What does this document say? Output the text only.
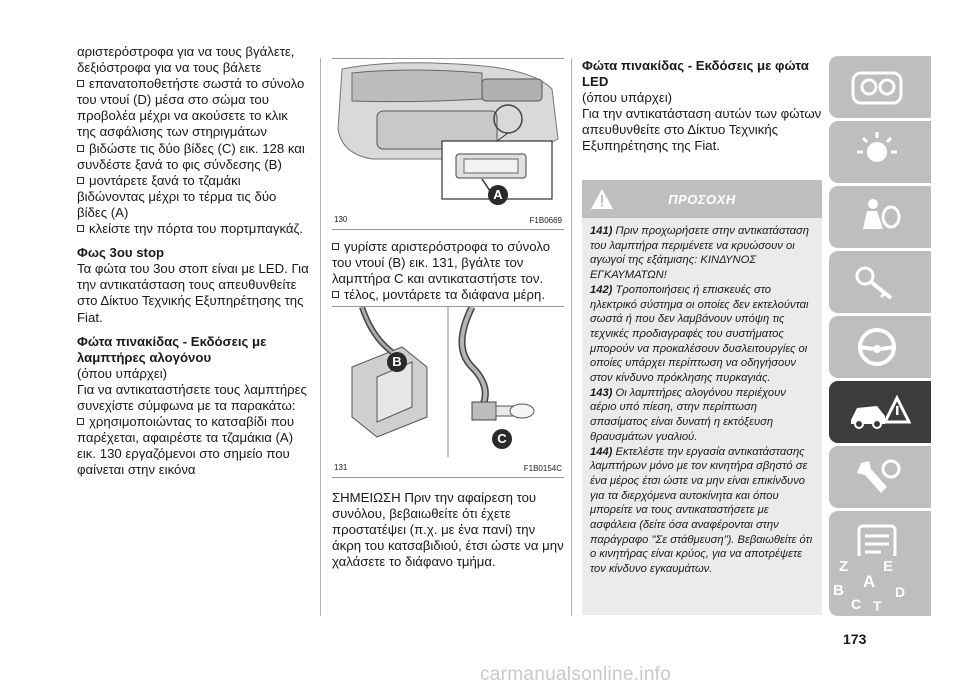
αριστερόστροφα για να τους βγάλετε, δεξιόστροφα για να τους βάλετε

επανατοποθετήστε σωστά το σύνολο του ντουί (D) μέσα στο σώμα του προβολέα μέχρι να ακούσετε το κλικ της ασφάλισης των στηριγμάτων

βιδώστε τις δύο βίδες (C) εικ. 128 και συνδέστε ξανά το φις σύνδεσης (B)

μοντάρετε ξανά το τζαμάκι βιδώνοντας μέχρι το τέρμα τις δύο βίδες (A)

κλείστε την πόρτα του πορτμπαγκάζ.

Φως 3ου stop

Τα φώτα του 3ου στοπ είναι με LED. Για την αντικατάσταση τους απευθυνθείτε στο Δίκτυο Τεχνικής Εξυπηρέτησης της Fiat.

Φώτα πινακίδας - Εκδόσεις με λαμπτήρες αλογόνου

(όπου υπάρχει)

Για να αντικαταστήσετε τους λαμπτήρες συνεχίστε σύμφωνα με τα παρακάτω:

χρησιμοποιώντας το κατσαβίδι που παρέχεται, αφαιρέστε τα τζαμάκια (A) εικ. 130 εργαζόμενοι στο σημείο που φαίνεται στην εικόνα

A
130	F1B0669

γυρίστε αριστερόστροφα το σύνολο του ντουί (B) εικ. 131, βγάλτε τον λαμπτήρα C και αντικαταστήστε τον.

τέλος, μοντάρετε τα διάφανα μέρη.

B
C
131	F1B0154C

ΣΗΜΕΙΩΣΗ Πριν την αφαίρεση του συνόλου, βεβαιωθείτε ότι έχετε προστατέψει (π.χ. με ένα πανί) την άκρη του κατσαβιδιού, έτσι ώστε να μην χαλάσετε το διάφανο τμήμα.

Φώτα πινακίδας - Εκδόσεις με φώτα LED

(όπου υπάρχει)

Για την αντικατάσταση αυτών των φώτων απευθυνθείτε στο Δίκτυο Τεχνικής Εξυπηρέτησης της Fiat.

ΠΡΟΣΟΧΗ

141) Πριν προχωρήσετε στην αντικατάσταση του λαμπτήρα περιμένετε να κρυώσουν οι αγωγοί της εξάτμισης: ΚΙΝΔΥΝΟΣ ΕΓΚΑΥΜΑΤΩΝ!

142) Τροποποιήσεις ή επισκευές στο ηλεκτρικό σύστημα οι οποίες δεν εκτελούνται σωστά ή που δεν λαμβάνουν υπόψη τις τεχνικές προδιαγραφές του συστήματος μπορούν να προκαλέσουν δυσλειτουργίες οι οποίες υπάρχει περίπτωση να οδηγήσουν στον κίνδυνο πρόκλησης πυρκαγιάς.

143) Οι λαμπτήρες αλογόνου περιέχουν αέριο υπό πίεση, στην περίπτωση σπασίματος είναι δυνατή η εκτόξευση θραυσμάτων γυαλιού.

144) Εκτελέστε την εργασία αντικατάστασης λαμπτήρων μόνο με τον κινητήρα σβηστό σε ένα μέρος έτσι ώστε να μην είναι επικίνδυνο για τα διερχόμενα αυτοκίνητα και όπου μπορείτε να τους αντικαταστήσετε με ασφάλεια (δείτε όσα αναφέρονται στην παράγραφο "Σε στάθμευση"). Βεβαιωθείτε ότι ο κινητήρας είναι κρύος, για να αποτρέψετε τον κίνδυνο εγκαυμάτων.	Z E
A
B	D
C T
173
carmanualsonline.info
